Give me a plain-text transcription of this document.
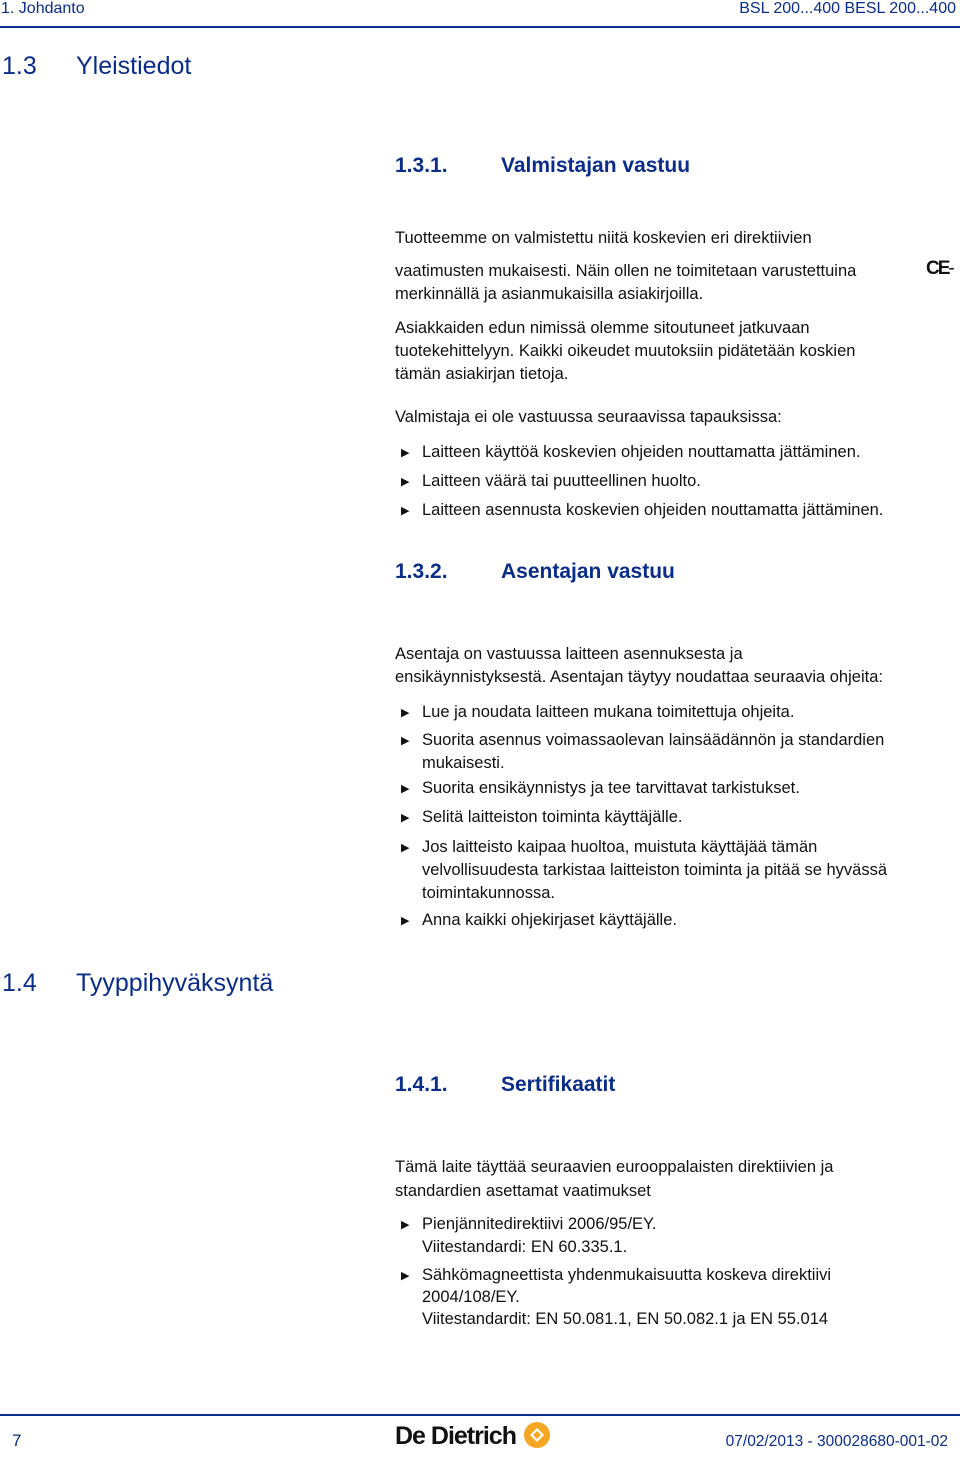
1. Johdanto	BSL 200...400 BESL 200...400
1.3 Yleistiedot
1.3.1.	Valmistajan vastuu
Tuotteemme on valmistettu niitä koskevien eri direktiivien
vaatimusten mukaisesti. Näin ollen ne toimitetaan varustettuina	CE-
merkinnällä ja asianmukaisilla asiakirjoilla.
Asiakkaiden edun nimissä olemme sitoutuneet jatkuvaan
tuotekehittelyyn. Kaikki oikeudet muutoksiin pidätetään koskien
tämän asiakirjan tietoja.
Valmistaja ei ole vastuussa seuraavissa tapauksissa:
▶ Laitteen käyttöä koskevien ohjeiden nouttamatta jättäminen.
▶ Laitteen väärä tai puutteellinen huolto.
▶ Laitteen asennusta koskevien ohjeiden nouttamatta jättäminen.
1.3.2.	Asentajan vastuu
Asentaja on vastuussa laitteen asennuksesta ja
ensikäynnistyksestä. Asentajan täytyy noudattaa seuraavia ohjeita:
▶ Lue ja noudata laitteen mukana toimitettuja ohjeita.
▶ Suorita asennus voimassaolevan lainsäädännön ja standardien
mukaisesti.
▶ Suorita ensikäynnistys ja tee tarvittavat tarkistukset.
▶ Selitä laitteiston toiminta käyttäjälle.
▶ Jos laitteisto kaipaa huoltoa, muistuta käyttäjää tämän
velvollisuudesta tarkistaa laitteiston toiminta ja pitää se hyvässä
toimintakunnossa.
▶ Anna kaikki ohjekirjaset käyttäjälle.
1.4 Tyyppihyväksyntä
1.4.1.	Sertifikaatit
Tämä laite täyttää seuraavien eurooppalaisten direktiivien ja
standardien asettamat vaatimukset
▶ Pienjännitedirektiivi 2006/95/EY.
Viitestandardi: EN 60.335.1.
▶ Sähkömagneettista yhdenmukaisuutta koskeva direktiivi
2004/108/EY.
Viitestandardit: EN 50.081.1, EN 50.082.1 ja EN 55.014
7	De Dietrich	07/02/2013 - 300028680-001-02
